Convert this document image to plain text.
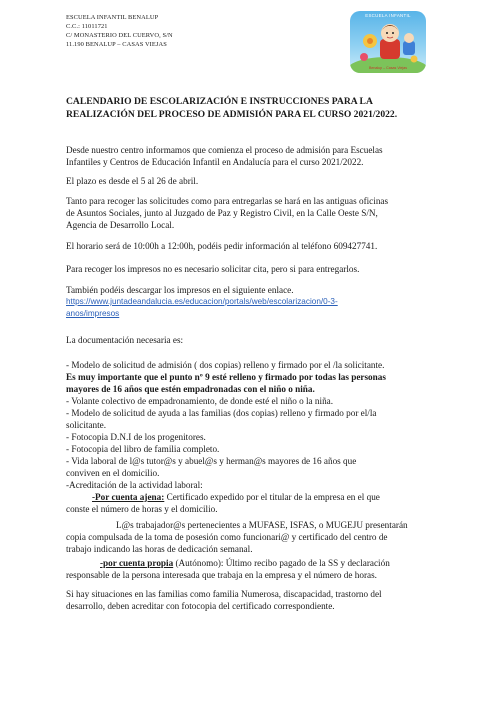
ESCUELA INFANTIL BENALUP
C.C.: 11011721
C/ MONASTERIO DEL CUERVO, S/N
11.190 BENALUP – CASAS VIEJAS
ESCUELA INFANTIL
Benalup – Casas Viejas
CALENDARIO DE ESCOLARIZACIÓN E INSTRUCCIONES PARA LA
REALIZACIÓN DEL PROCESO DE ADMISIÓN PARA EL CURSO 2021/2022.
Desde nuestro centro informamos que comienza el proceso de admisión para Escuelas
Infantiles y Centros de Educación Infantil en Andalucía para el curso 2021/2022.
El plazo es desde el 5 al 26 de abril.
Tanto para recoger las solicitudes como para entregarlas se hará en las antiguas oficinas
de Asuntos Sociales, junto al Juzgado de Paz y Registro Civil, en la Calle Oeste S/N,
Agencia de Desarrollo Local.
El horario será de 10:00h a 12:00h, podéis pedir información al teléfono 609427741.
Para recoger los impresos no es necesario solicitar cita, pero si para entregarlos.
También podéis descargar los impresos en el siguiente enlace.
https://www.juntadeandalucia.es/educacion/portals/web/escolarizacion/0-3-
anos/impresos
La documentación necesaria es:
- Modelo de solicitud de admisión ( dos copias) relleno y firmado por el /la solicitante.
Es muy importante que el punto nº 9 esté relleno y firmado por todas las personas
mayores de 16 años que estén empadronadas con el niño o niña.
- Volante colectivo de empadronamiento, de donde esté el niño o la niña.
- Modelo de solicitud de ayuda a las familias (dos copias) relleno y firmado por el/la
solicitante.
- Fotocopia D.N.I de los progenitores.
- Fotocopia del libro de familia completo.
- Vida laboral de l@s tutor@s y abuel@s y herman@s mayores de 16 años que
conviven en el domicilio.
-Acreditación de la actividad laboral:
-Por cuenta ajena: Certificado expedido por el titular de la empresa en el que
conste el número de horas y el domicilio.
L@s trabajador@s pertenecientes a MUFASE, ISFAS, o MUGEJU presentarán
copia compulsada de la toma de posesión como funcionari@ y certificado del centro de
trabajo indicando las horas de dedicación semanal.
-por cuenta propia (Autónomo): Último recibo pagado de la SS y declaración
responsable de la persona interesada que trabaja en la empresa y el número de horas.
Si hay situaciones en las familias como familia Numerosa, discapacidad, trastorno del
desarrollo, deben acreditar con fotocopia del certificado correspondiente.
